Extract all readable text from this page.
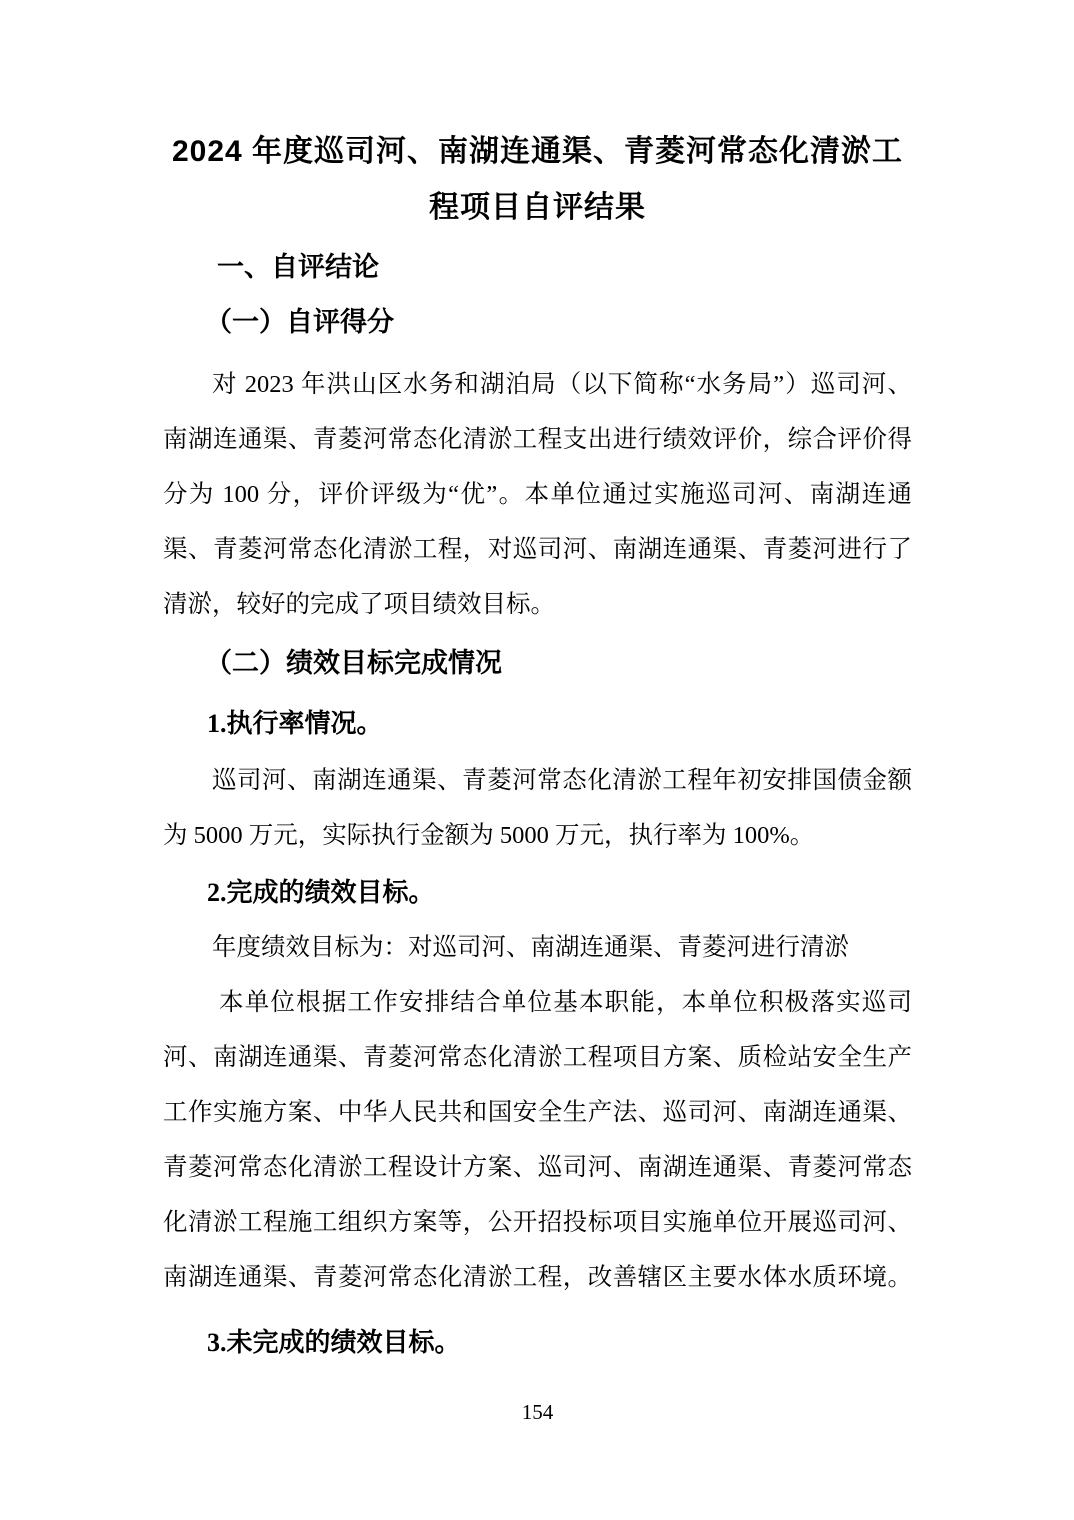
2024 年度巡司河、南湖连通渠、青菱河常态化清淤工
程项目自评结果
一、自评结论
（一）自评得分
对 2023 年洪山区水务和湖泊局（以下简称“水务局”）巡司河、
南湖连通渠、青菱河常态化清淤工程支出进行绩效评价，综合评价得
分为 100 分，评价评级为“优”。本单位通过实施巡司河、南湖连通
渠、青菱河常态化清淤工程，对巡司河、南湖连通渠、青菱河进行了
清淤，较好的完成了项目绩效目标。
（二）绩效目标完成情况
1.执行率情况。
巡司河、南湖连通渠、青菱河常态化清淤工程年初安排国债金额
为 5000 万元，实际执行金额为 5000 万元，执行率为 100%。
2.完成的绩效目标。
年度绩效目标为：对巡司河、南湖连通渠、青菱河进行清淤
本单位根据工作安排结合单位基本职能，本单位积极落实巡司
河、南湖连通渠、青菱河常态化清淤工程项目方案、质检站安全生产
工作实施方案、中华人民共和国安全生产法、巡司河、南湖连通渠、
青菱河常态化清淤工程设计方案、巡司河、南湖连通渠、青菱河常态
化清淤工程施工组织方案等，公开招投标项目实施单位开展巡司河、
南湖连通渠、青菱河常态化清淤工程，改善辖区主要水体水质环境。
3.未完成的绩效目标。
154
